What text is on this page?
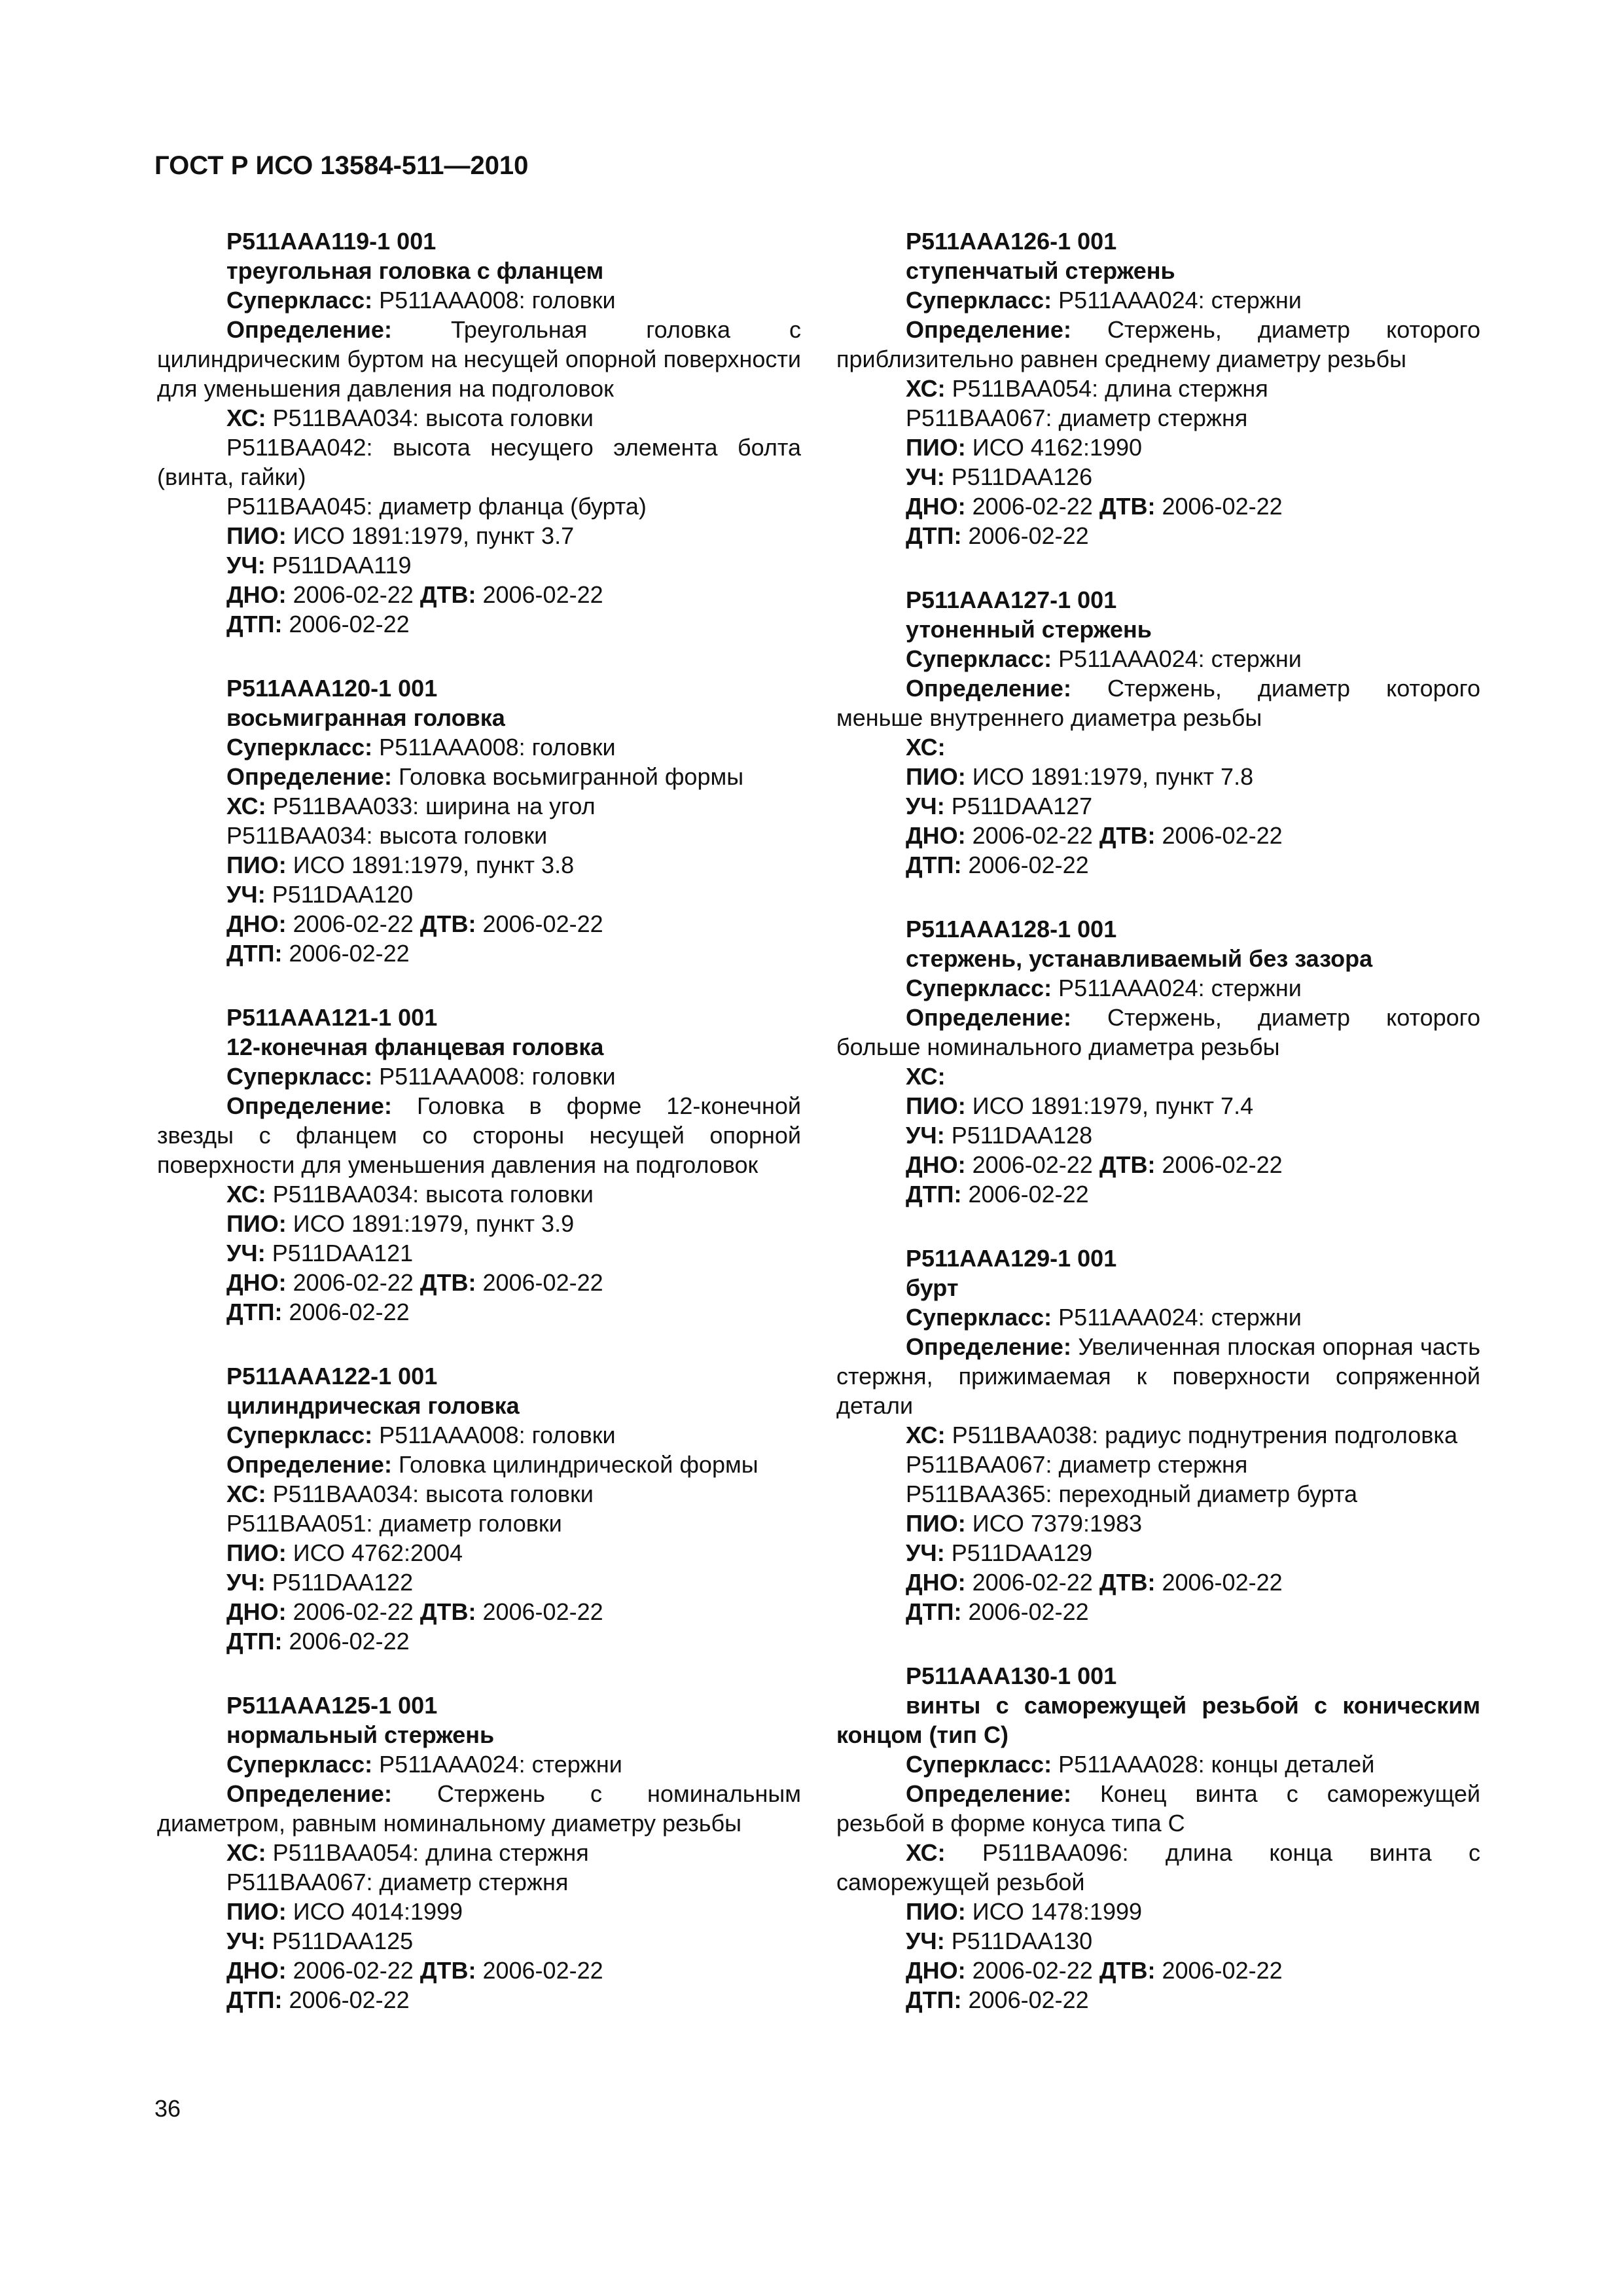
ГОСТ Р ИСО 13584-511—2010
P511AAA119-1 001
треугольная головка с фланцем
Суперкласс: P511AAA008: головки
Определение:	Треугольная головка с цилиндрическим буртом на несущей опорной поверхности для уменьшения давления на подголовок
ХС: P511BAA034: высота головки
P511BAA042: высота несущего элемента болта (винта, гайки)
P511BAA045: диаметр фланца (бурта)
ПИО: ИСО 1891:1979, пункт 3.7
УЧ: P511DAA119
ДНО: 2006-02-22 ДТВ: 2006-02-22
ДТП: 2006-02-22
P511AAA120-1 001
восьмигранная головка
Суперкласс: P511AAA008: головки
Определение: Головка восьмигранной формы
ХС: P511BAA033: ширина на угол
P511BAA034: высота головки
ПИО: ИСО 1891:1979, пункт 3.8
УЧ: P511DAA120
ДНО: 2006-02-22 ДТВ: 2006-02-22
ДТП: 2006-02-22
P511AAA121-1 001
12-конечная фланцевая головка
Суперкласс: P511AAA008: головки
Определение: Головка в форме 12-конечной звезды с фланцем со стороны несущей опорной поверхности для уменьшения давления на подголовок
ХС: P511BAA034: высота головки
ПИО: ИСО 1891:1979, пункт 3.9
УЧ: P511DAA121
ДНО: 2006-02-22 ДТВ: 2006-02-22
ДТП: 2006-02-22
P511AAA122-1 001
цилиндрическая головка
Суперкласс: P511AAA008: головки
Определение: Головка цилиндрической формы
ХС: P511BAA034: высота головки
P511BAA051: диаметр головки
ПИО: ИСО 4762:2004
УЧ: P511DAA122
ДНО: 2006-02-22 ДТВ: 2006-02-22
ДТП: 2006-02-22
P511AAA125-1 001
нормальный стержень
Суперкласс: P511AAA024: стержни
Определение: Стержень с номинальным диаметром, равным номинальному диаметру резьбы
ХС: P511BAA054: длина стержня
P511BAA067: диаметр стержня
ПИО: ИСО 4014:1999
УЧ: P511DAA125
ДНО: 2006-02-22 ДТВ: 2006-02-22
ДТП: 2006-02-22
P511AAA126-1 001
ступенчатый стержень
Суперкласс: P511AAA024: стержни
Определение: Стержень, диаметр которого приблизительно равнен среднему диаметру резьбы
ХС: P511BAA054: длина стержня
P511BAA067: диаметр стержня
ПИО: ИСО 4162:1990
УЧ: P511DAA126
ДНО: 2006-02-22 ДТВ: 2006-02-22
ДТП: 2006-02-22
P511AAA127-1 001
утоненный стержень
Суперкласс: P511AAA024: стержни
Определение: Стержень, диаметр которого меньше внутреннего диаметра резьбы
ХС:
ПИО: ИСО 1891:1979, пункт 7.8
УЧ: P511DAA127
ДНО: 2006-02-22 ДТВ: 2006-02-22
ДТП: 2006-02-22
P511AAA128-1 001
стержень, устанавливаемый без зазора
Суперкласс: P511AAA024: стержни
Определение: Стержень, диаметр которого больше номинального диаметра резьбы
ХС:
ПИО: ИСО 1891:1979, пункт 7.4
УЧ: P511DAA128
ДНО: 2006-02-22 ДТВ: 2006-02-22
ДТП: 2006-02-22
P511AAA129-1 001
бурт
Суперкласс: P511AAA024: стержни
Определение: Увеличенная плоская опорная часть стержня, прижимаемая к поверхности сопряженной детали
ХС: P511BAA038: радиус поднутрения подголовка
P511BAA067: диаметр стержня
P511BAA365: переходный диаметр бурта
ПИО: ИСО 7379:1983
УЧ: P511DAA129
ДНО: 2006-02-22 ДТВ: 2006-02-22
ДТП: 2006-02-22
P511AAA130-1 001
винты с саморежущей резьбой с коническим концом (тип С)
Суперкласс: P511AAA028: концы деталей
Определение: Конец винта с саморежущей резьбой в форме конуса типа С
ХС: P511BAA096: длина конца винта с саморежущей резьбой
ПИО: ИСО 1478:1999
УЧ: P511DAA130
ДНО: 2006-02-22 ДТВ: 2006-02-22
ДТП: 2006-02-22
36
